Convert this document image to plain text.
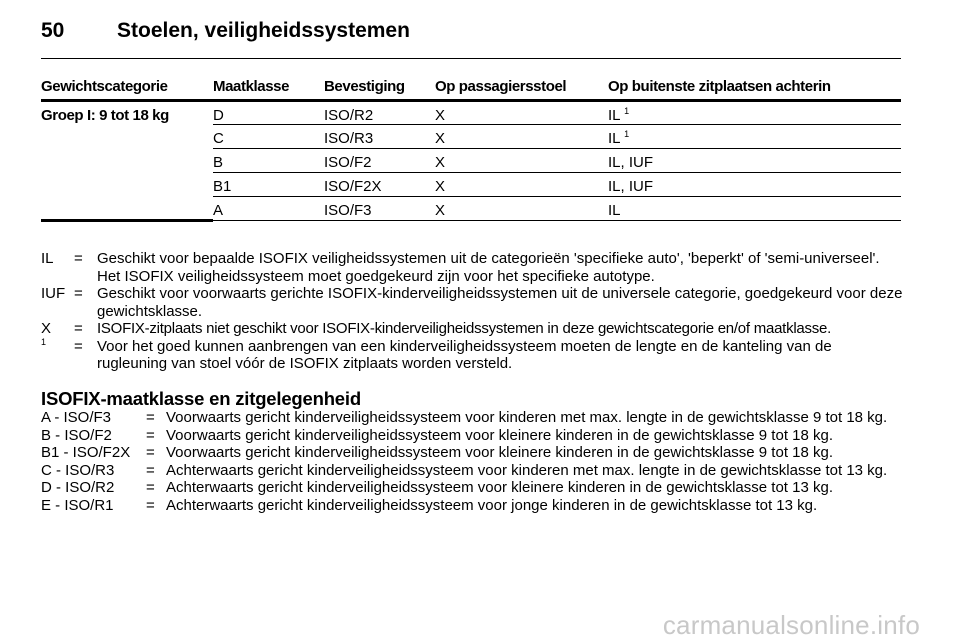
50	Stoelen, veiligheidssystemen
Gewichtscategorie	Maatklasse	Bevestiging	Op passagiersstoel	Op buitenste zitplaatsen achterin
Groep I: 9 tot 18 kg	D	ISO/R2	X	IL $^1$
	C	ISO/R3	X	IL $^1$
	B	ISO/F2	X	IL, IUF
	B1	ISO/F2X	X	IL, IUF
	A	ISO/F3	X	IL
IL	= Geschikt voor bepaalde ISOFIX veiligheidssystemen uit de categorieën 'specifieke auto', 'beperkt' of 'semi-universeel'. Het ISOFIX veiligheidssysteem moet goedgekeurd zijn voor het specifieke autotype.
IUF = Geschikt voor voorwaarts gerichte ISOFIX-kinderveiligheidssystemen uit de universele categorie, goedgekeurd voor deze gewichtsklasse.
X	= ISOFIX-zitplaats niet geschikt voor ISOFIX-kinderveiligheidssystemen in deze gewichtscategorie en/of maatklasse.
$^1$	= Voor het goed kunnen aanbrengen van een kinderveiligheidssysteem moeten de lengte en de kanteling van de rugleuning van stoel vóór de ISOFIX zitplaats worden versteld.
ISOFIX-maatklasse en zitgelegenheid
A - ISO/F3	= Voorwaarts gericht kinderveiligheidssysteem voor kinderen met max. lengte in de gewichtsklasse 9 tot 18 kg.
B - ISO/F2	= Voorwaarts gericht kinderveiligheidssysteem voor kleinere kinderen in de gewichtsklasse 9 tot 18 kg.
B1 - ISO/F2X	= Voorwaarts gericht kinderveiligheidssysteem voor kleinere kinderen in de gewichtsklasse 9 tot 18 kg.
C - ISO/R3	= Achterwaarts gericht kinderveiligheidssysteem voor kinderen met max. lengte in de gewichtsklasse tot 13 kg.
D - ISO/R2	= Achterwaarts gericht kinderveiligheidssysteem voor kleinere kinderen in de gewichtsklasse tot 13 kg.
E - ISO/R1	= Achterwaarts gericht kinderveiligheidssysteem voor jonge kinderen in de gewichtsklasse tot 13 kg.
carmanualsonline.info
